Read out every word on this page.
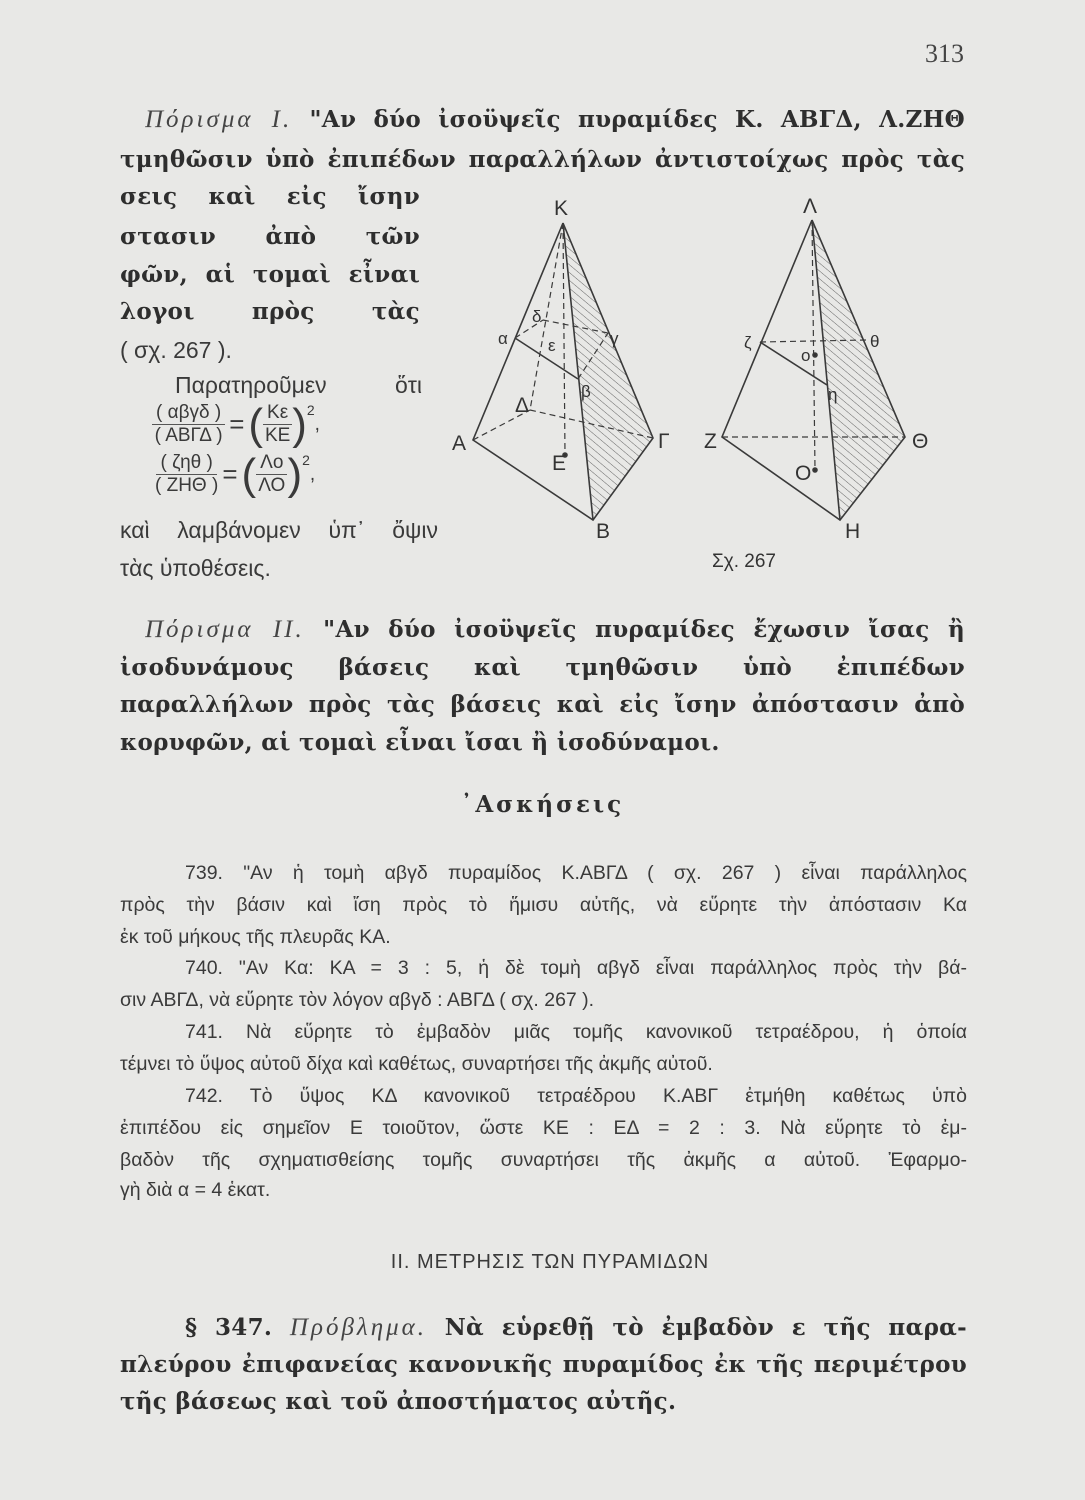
313
Πόρισμα I. "Αν δύο ἰσοϋψεῖς πυραμίδες Κ. ΑΒΓΔ, Λ.ΖΗΘ
τμηθῶσιν ὑπὸ ἐπιπέδων παραλλήλων ἀντιστοίχως πρὸς τὰς
σεις καὶ εἰς ἴσην
στασιν ἀπὸ τῶν
φῶν, αἱ τομαὶ εἶναι
λογοι πρὸς τὰς
( σχ. 267 ).
Παρατηροῦμεν	ὅτι
$\frac{\text{( αβγδ )}}{\text{( ΑΒΓΔ )}}$ = ( $\frac{K\varepsilon}{KE}$ ) 2
,
$\frac{\text{( ζηθ )}}{\text{( ΖΗΘ )}}$ = ( $\frac{\Lambda o}{\Lambda O}$ ) 2
,
καὶ λαμβάνομεν ὑπ᾽ ὄψιν
τὰς ὑποθέσεις.
Κ
Α
Β
Γ
Δ
Ε
Λ
Ζ
Η
Θ
Ο
α
β
γ
δ
ε	ζ
η
θ
ο
Σχ. 267
Πόρισμα II. "Αν δύο ἰσοϋψεῖς πυραμίδες ἔχωσιν ἴσας ἢ
ἰσοδυνάμους βάσεις καὶ τμηθῶσιν ὑπὸ ἐπιπέδων
παραλλήλων πρὸς τὰς βάσεις καὶ εἰς ἴσην ἀπόστασιν ἀπὸ
κορυφῶν, αἱ τομαὶ εἶναι ἴσαι ἢ ἰσοδύναμοι.
᾿Ασκήσεις
739. "Αν ἡ τομὴ αβγδ πυραμίδος Κ.ΑΒΓΔ ( σχ. 267 ) εἶναι παράλληλος
πρὸς τὴν βάσιν καὶ ἴση πρὸς τὸ ἥμισυ αὐτῆς, νὰ εὕρητε τὴν ἀπόστασιν Κα
ἐκ τοῦ μήκους τῆς πλευρᾶς ΚΑ.
740. "Αν Κα: ΚΑ = 3 : 5, ἡ δὲ τομὴ αβγδ εἶναι παράλληλος πρὸς τὴν βά-
σιν ΑΒΓΔ, νὰ εὕρητε τὸν λόγον αβγδ : ΑΒΓΔ ( σχ. 267 ).
741. Νὰ εὕρητε τὸ ἐμβαδὸν μιᾶς τομῆς κανονικοῦ τετραέδρου, ἡ ὁποία
τέμνει τὸ ὕψος αὐτοῦ δίχα καὶ καθέτως, συναρτήσει τῆς ἀκμῆς αὐτοῦ.
742. Τὸ ὕψος ΚΔ κανονικοῦ τετραέδρου Κ.ΑΒΓ ἐτμήθη καθέτως ὑπὸ
ἐπιπέδου εἰς σημεῖον Ε τοιοῦτον, ὥστε ΚΕ : ΕΔ = 2 : 3. Νὰ εὕρητε τὸ ἐμ-
βαδὸν τῆς σχηματισθείσης τομῆς συναρτήσει τῆς ἀκμῆς α αὐτοῦ. Ἐφαρμο-
γὴ διὰ α = 4 ἑκατ.
ΙΙ. ΜΕΤΡΗΣΙΣ ΤΩΝ ΠΥΡΑΜΙΔΩΝ
§ 347. Πρόβλημα. Νὰ εὑρεθῇ τὸ ἐμβαδὸν ε τῆς παρα-
πλεύρου ἐπιφανείας κανονικῆς πυραμίδος ἐκ τῆς περιμέτρου
τῆς βάσεως καὶ τοῦ ἀποστήματος αὐτῆς.
